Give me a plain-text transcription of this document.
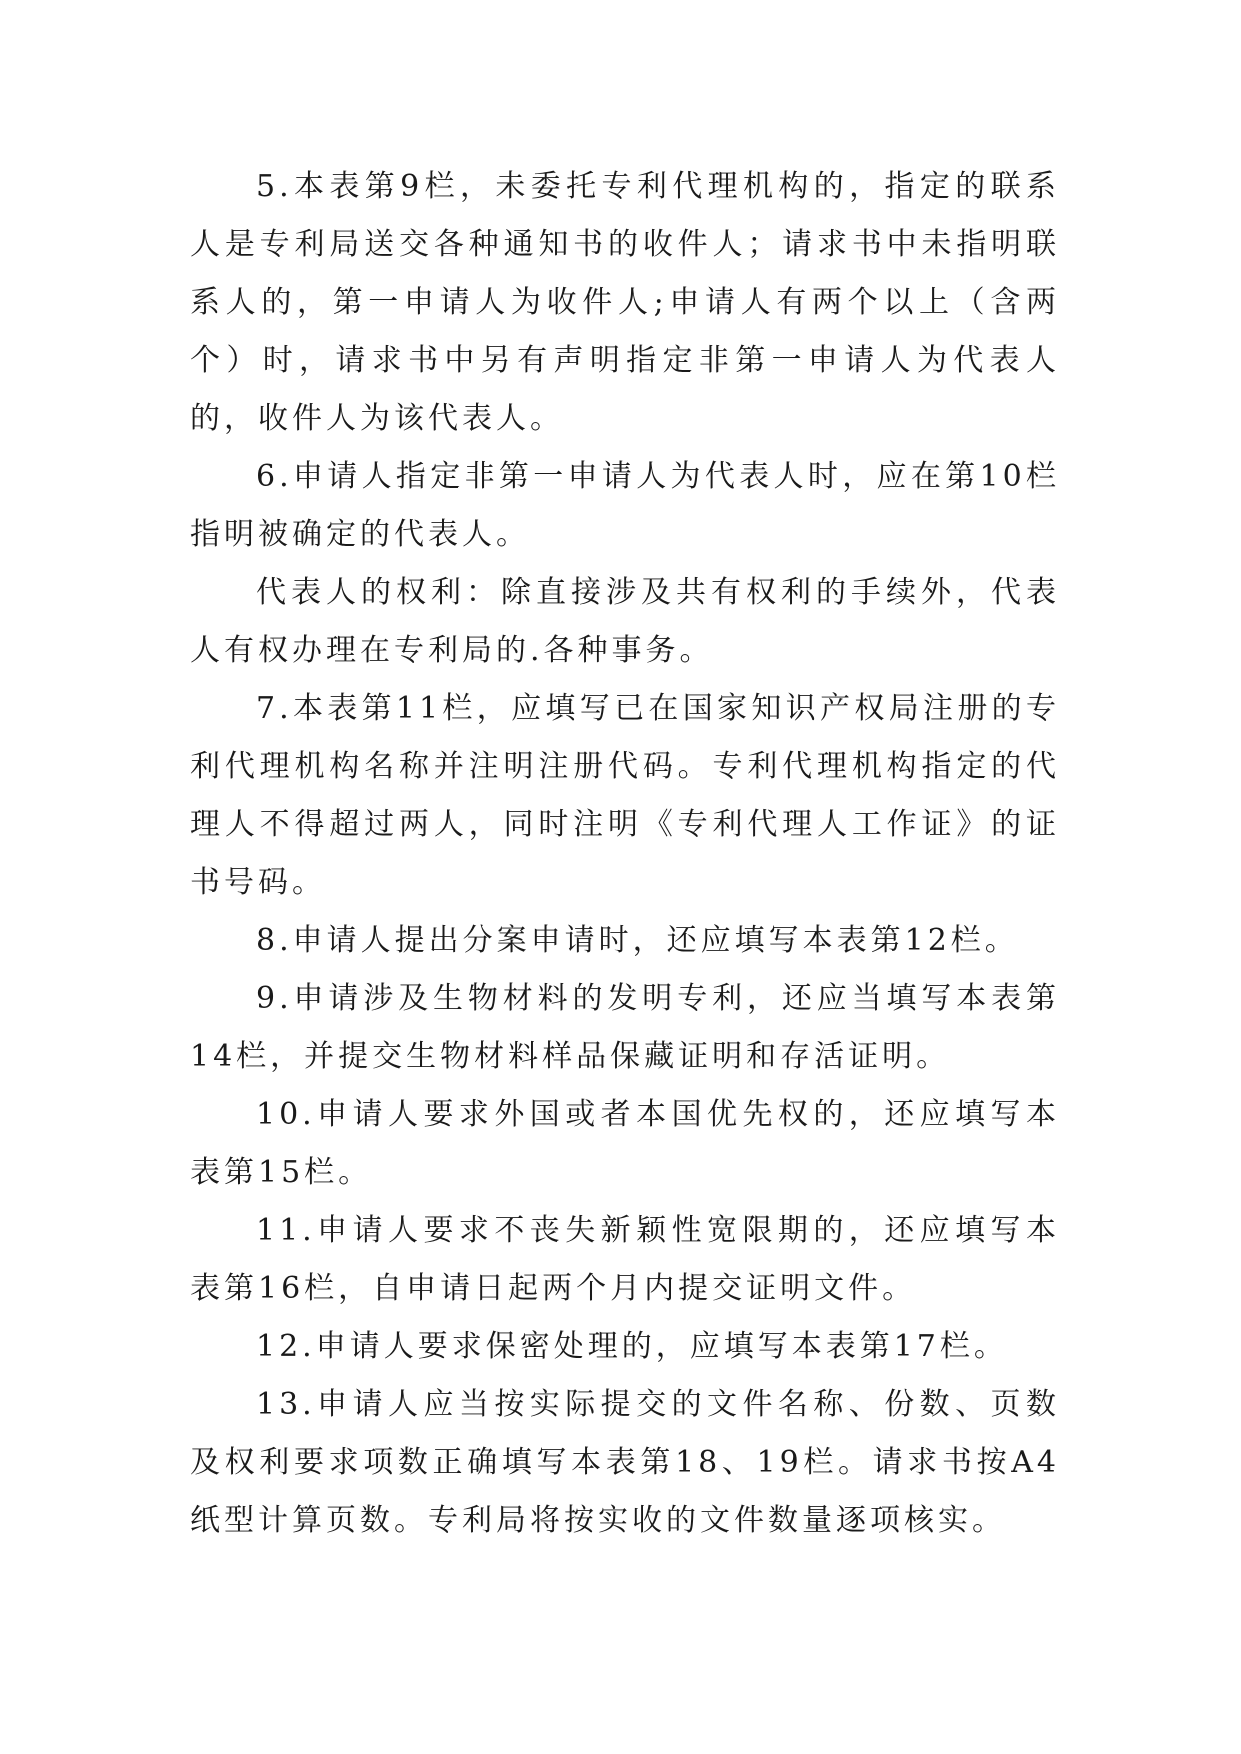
5.本表第9栏，未委托专利代理机构的，指定的联系人是专利局送交各种通知书的收件人；请求书中未指明联系人的，第一申请人为收件人;申请人有两个以上（含两个）时，请求书中另有声明指定非第一申请人为代表人的，收件人为该代表人。

6.申请人指定非第一申请人为代表人时，应在第10栏指明被确定的代表人。

代表人的权利：除直接涉及共有权利的手续外，代表人有权办理在专利局的.各种事务。

7.本表第11栏，应填写已在国家知识产权局注册的专利代理机构名称并注明注册代码。专利代理机构指定的代理人不得超过两人，同时注明《专利代理人工作证》的证书号码。

8.申请人提出分案申请时，还应填写本表第12栏。

9.申请涉及生物材料的发明专利，还应当填写本表第14栏，并提交生物材料样品保藏证明和存活证明。

10.申请人要求外国或者本国优先权的，还应填写本表第15栏。

11.申请人要求不丧失新颖性宽限期的，还应填写本表第16栏，自申请日起两个月内提交证明文件。

12.申请人要求保密处理的，应填写本表第17栏。

13.申请人应当按实际提交的文件名称、份数、页数及权利要求项数正确填写本表第18、19栏。请求书按A4纸型计算页数。专利局将按实收的文件数量逐项核实。
